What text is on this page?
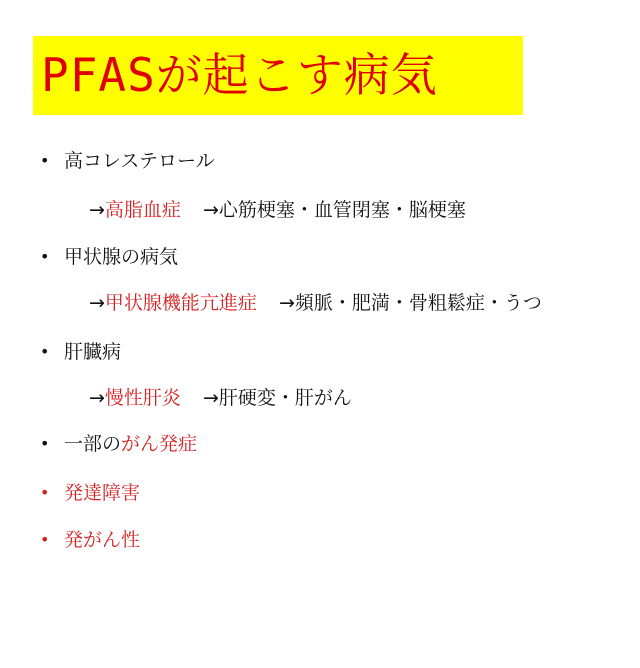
PFASが起こす病気
• 高コレステロール
→高脂血症 →心筋梗塞・血管閉塞・脳梗塞
• 甲状腺の病気
→甲状腺機能亢進症 →頻脈・肥満・骨粗鬆症・うつ
• 肝臓病
→慢性肝炎 →肝硬変・肝がん
• 一部のがん発症
• 発達障害
• 発がん性
